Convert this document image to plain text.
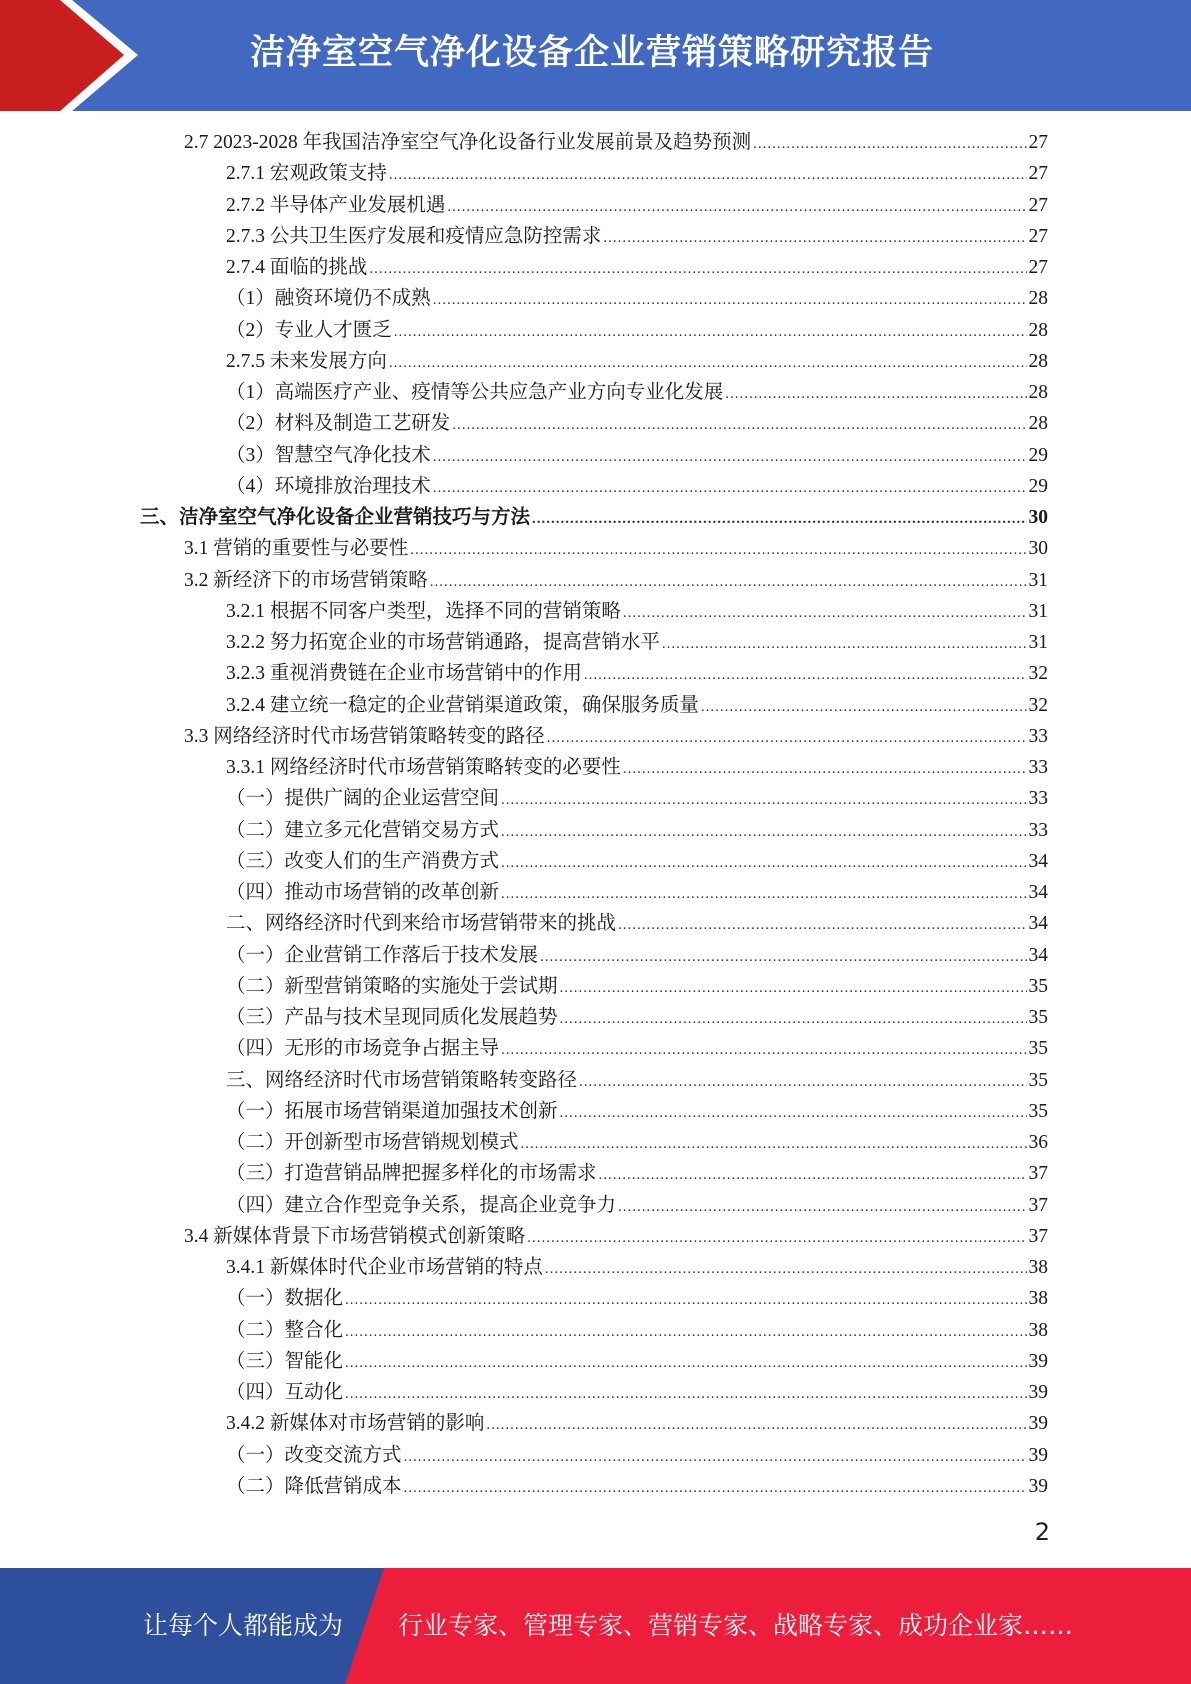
洁净室空气净化设备企业营销策略研究报告
2.7 2023-2028 年我国洁净室空气净化设备行业发展前景及趋势预测 .....	27
2.7.1 宏观政策支持 .....	27
2.7.2 半导体产业发展机遇 .....	27
2.7.3 公共卫生医疗发展和疫情应急防控需求 .....	27
2.7.4 面临的挑战 .....	27
（1）融资环境仍不成熟 .....	28
（2）专业人才匮乏 .....	28
2.7.5 未来发展方向 .....	28
（1）高端医疗产业、疫情等公共应急产业方向专业化发展 .....	28
（2）材料及制造工艺研发 .....	28
（3）智慧空气净化技术 .....	29
（4）环境排放治理技术 .....	29
三、洁净室空气净化设备企业营销技巧与方法 .....	30
3.1 营销的重要性与必要性 .....	30
3.2 新经济下的市场营销策略 .....	31
3.2.1 根据不同客户类型，选择不同的营销策略 .....	31
3.2.2 努力拓宽企业的市场营销通路，提高营销水平 .....	31
3.2.3 重视消费链在企业市场营销中的作用 .....	32
3.2.4 建立统一稳定的企业营销渠道政策，确保服务质量 .....	32
3.3 网络经济时代市场营销策略转变的路径 .....	33
3.3.1 网络经济时代市场营销策略转变的必要性 .....	33
（一）提供广阔的企业运营空间 .....	33
（二）建立多元化营销交易方式 .....	33
（三）改变人们的生产消费方式 .....	34
（四）推动市场营销的改革创新 .....	34
二、网络经济时代到来给市场营销带来的挑战 .....	34
（一）企业营销工作落后于技术发展 .....	34
（二）新型营销策略的实施处于尝试期 .....	35
（三）产品与技术呈现同质化发展趋势 .....	35
（四）无形的市场竞争占据主导 .....	35
三、网络经济时代市场营销策略转变路径 .....	35
（一）拓展市场营销渠道加强技术创新 .....	35
（二）开创新型市场营销规划模式 .....	36
（三）打造营销品牌把握多样化的市场需求 .....	37
（四）建立合作型竞争关系，提高企业竞争力 .....	37
3.4 新媒体背景下市场营销模式创新策略 .....	37
3.4.1 新媒体时代企业市场营销的特点 .....	38
（一）数据化 .....	38
（二）整合化 .....	38
（三）智能化 .....	39
（四）互动化 .....	39
3.4.2 新媒体对市场营销的影响 .....	39
（一）改变交流方式 .....	39
（二）降低营销成本 .....	39
2
让每个人都能成为 行业专家、管理专家、营销专家、战略专家、成功企业家……
